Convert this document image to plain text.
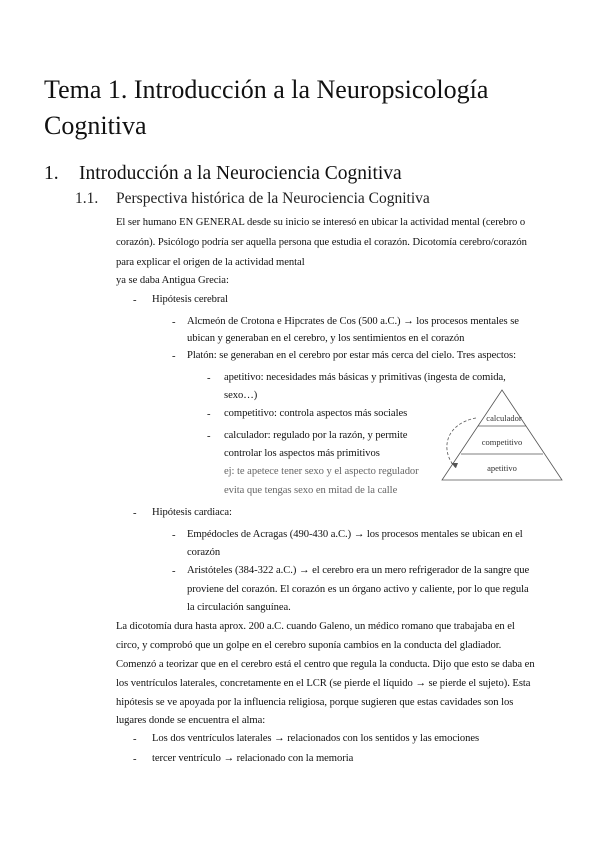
Tema 1. Introducción a la Neuropsicología
Cognitiva
1. Introducción a la Neurociencia Cognitiva
1.1. Perspectiva histórica de la Neurociencia Cognitiva
El ser humano EN GENERAL desde su inicio se interesó en ubicar la actividad mental (cerebro o
corazón). Psicólogo podría ser aquella persona que estudia el corazón. Dicotomía cerebro/corazón
para explicar el origen de la actividad mental
ya se daba Antigua Grecia:
- Hipótesis cerebral
- Alcmeón de Crotona e Hipcrates de Cos (500 a.C.) → los procesos mentales se
ubican y generaban en el cerebro, y los sentimientos en el corazón
- Platón: se generaban en el cerebro por estar más cerca del cielo. Tres aspectos:
- apetitivo: necesidades más básicas y primitivas (ingesta de comida,
sexo…)
- competitivo: controla aspectos más sociales
- calculador: regulado por la razón, y permite
controlar los aspectos más primitivos
ej: te apetece tener sexo y el aspecto regulador
evita que tengas sexo en mitad de la calle
calculador
competitivo
apetitivo
- Hipótesis cardiaca:
- Empédocles de Acragas (490-430 a.C.) → los procesos mentales se ubican en el
corazón
- Aristóteles (384-322 a.C.) → el cerebro era un mero refrigerador de la sangre que
proviene del corazón. El corazón es un órgano activo y caliente, por lo que regula
la circulación sanguínea.
La dicotomía dura hasta aprox. 200 a.C. cuando Galeno, un médico romano que trabajaba en el
circo, y comprobó que un golpe en el cerebro suponía cambios en la conducta del gladiador.
Comenzó a teorizar que en el cerebro está el centro que regula la conducta. Dijo que esto se daba en
los ventrículos laterales, concretamente en el LCR (se pierde el líquido → se pierde el sujeto). Esta
hipótesis se ve apoyada por la influencia religiosa, porque sugieren que estas cavidades son los
lugares donde se encuentra el alma:
- Los dos ventrículos laterales → relacionados con los sentidos y las emociones
- tercer ventrículo → relacionado con la memoria
